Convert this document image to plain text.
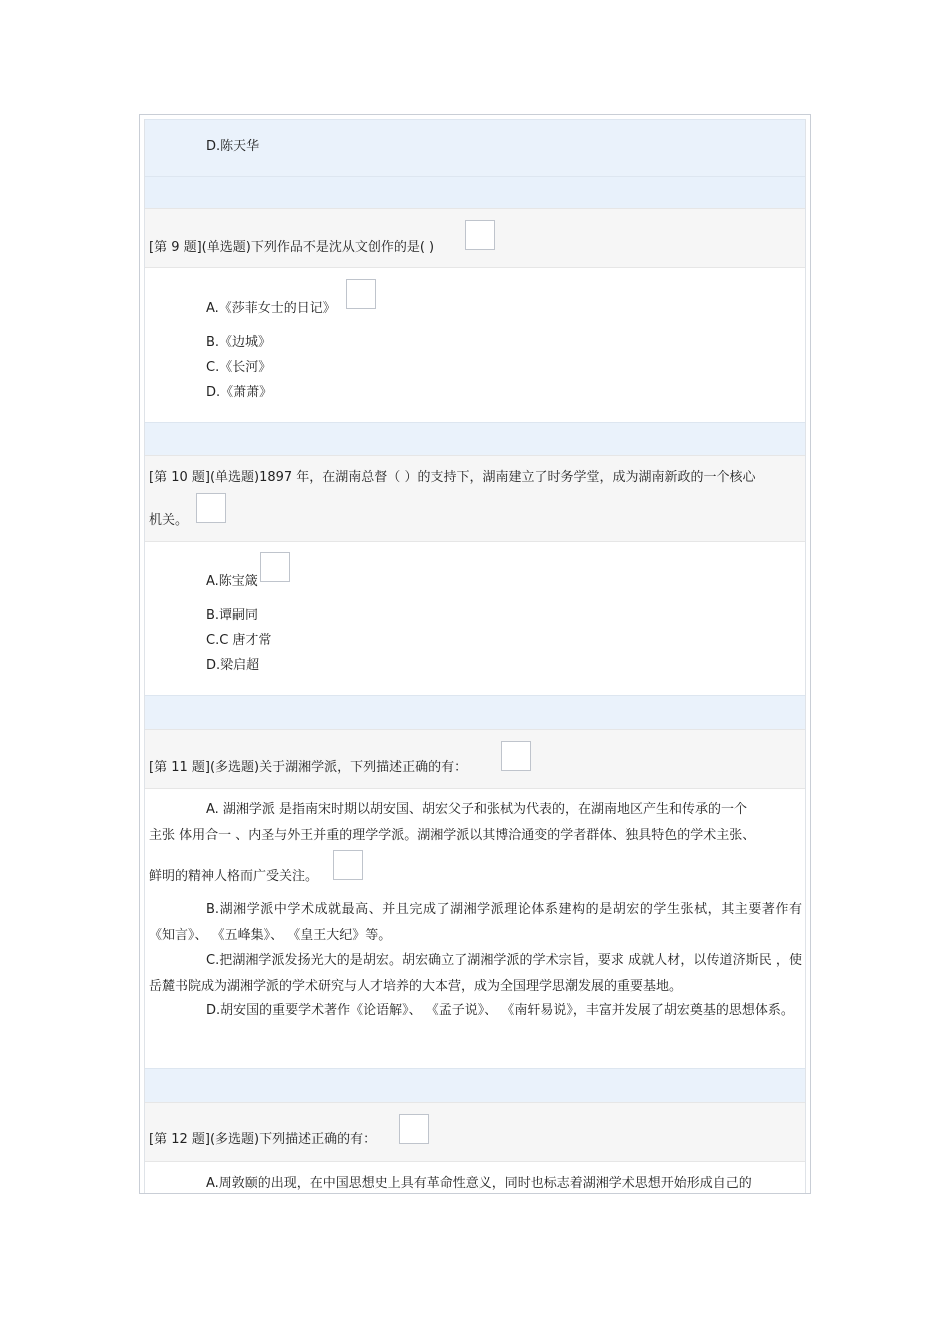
D.陈天华
[第 9 题](单选题)下列作品不是沈从文创作的是( )
A.《莎菲女士的日记》
B.《边城》
C.《长河》
D.《萧萧》
[第 10 题](单选题)1897 年，在湖南总督（ ）的支持下，湖南建立了时务学堂，成为湖南新政的一个核心
机关。
A.陈宝箴
B.谭嗣同
C.C 唐才常
D.梁启超
[第 11 题](多选题)关于湖湘学派，下列描述正确的有：
A. 湖湘学派 是指南宋时期以胡安国、胡宏父子和张栻为代表的，在湖南地区产生和传承的一个
主张 体用合一 、内圣与外王并重的理学学派。湖湘学派以其博洽通变的学者群体、独具特色的学术主张、
鲜明的精神人格而广受关注。
B.湖湘学派中学术成就最高、并且完成了湖湘学派理论体系建构的是胡宏的学生张栻，其主要著作有《知言》、 《五峰集》、 《皇王大纪》等。
C.把湖湘学派发扬光大的是胡宏。胡宏确立了湖湘学派的学术宗旨，要求 成就人材，以传道济斯民 ，使岳麓书院成为湖湘学派的学术研究与人才培养的大本营，成为全国理学思潮发展的重要基地。
D.胡安国的重要学术著作《论语解》、 《孟子说》、 《南轩易说》，丰富并发展了胡宏奠基的思想体系。
[第 12 题](多选题)下列描述正确的有：
A.周敦颐的出现，在中国思想史上具有革命性意义，同时也标志着湖湘学术思想开始形成自己的
